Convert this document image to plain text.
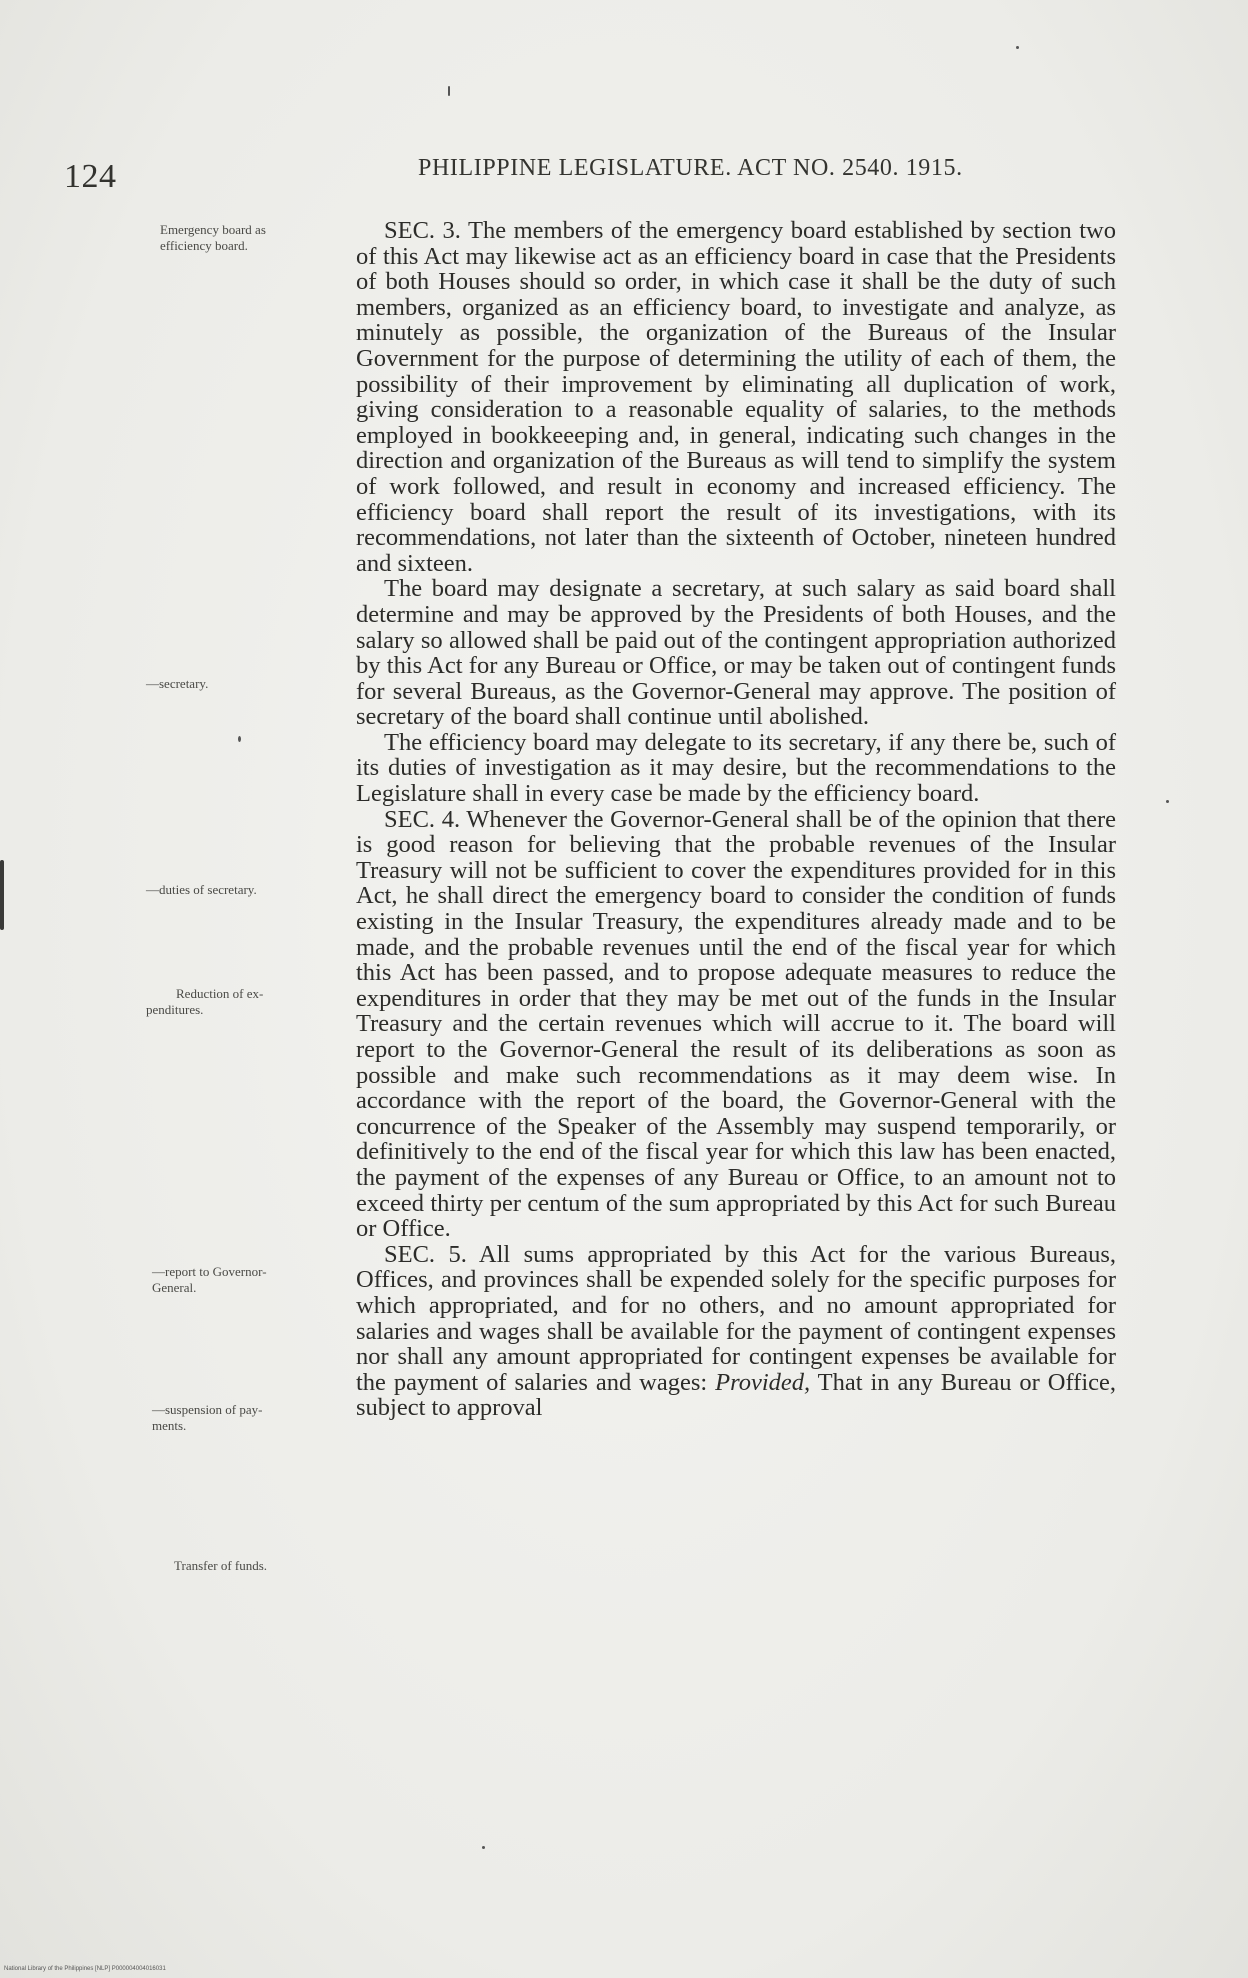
124	PHILIPPINE LEGISLATURE. ACT NO. 2540. 1915.
Emergency board as
efficiency board.
—secretary.
—duties of secretary.
Reduction of ex-
penditures.
—report to Governor-
General.
—suspension of pay-
ments.
Transfer of funds.

SEC. 3. The members of the emergency board established by section two of this Act may likewise act as an efficiency board in case that the Presidents of both Houses should so order, in which case it shall be the duty of such members, organized as an efficiency board, to investigate and analyze, as minutely as possible, the organization of the Bureaus of the Insular Government for the purpose of determining the utility of each of them, the possibility of their improvement by eliminating all duplication of work, giving consideration to a reasonable equality of salaries, to the methods employed in bookkeeeping and, in general, indicating such changes in the direction and organization of the Bureaus as will tend to simplify the system of work followed, and result in economy and increased efficiency. The efficiency board shall report the result of its investigations, with its recommendations, not later than the sixteenth of October, nineteen hundred and sixteen.

The board may designate a secretary, at such salary as said board shall determine and may be approved by the Presidents of both Houses, and the salary so allowed shall be paid out of the contingent appropriation authorized by this Act for any Bureau or Office, or may be taken out of contingent funds for several Bureaus, as the Governor-General may approve. The position of secretary of the board shall continue until abolished.

The efficiency board may delegate to its secretary, if any there be, such of its duties of investigation as it may desire, but the recommendations to the Legislature shall in every case be made by the efficiency board.

SEC. 4. Whenever the Governor-General shall be of the opinion that there is good reason for believing that the probable revenues of the Insular Treasury will not be sufficient to cover the expenditures provided for in this Act, he shall direct the emergency board to consider the condition of funds existing in the Insular Treasury, the expenditures already made and to be made, and the probable revenues until the end of the fiscal year for which this Act has been passed, and to propose adequate measures to reduce the expenditures in order that they may be met out of the funds in the Insular Treasury and the certain revenues which will accrue to it. The board will report to the Governor-General the result of its deliberations as soon as possible and make such recommendations as it may deem wise. In accordance with the report of the board, the Governor-General with the concurrence of the Speaker of the Assembly may suspend temporarily, or definitively to the end of the fiscal year for which this law has been enacted, the payment of the expenses of any Bureau or Office, to an amount not to exceed thirty per centum of the sum appropriated by this Act for such Bureau or Office.

SEC. 5. All sums appropriated by this Act for the various Bureaus, Offices, and provinces shall be expended solely for the specific purposes for which appropriated, and for no others, and no amount appropriated for salaries and wages shall be available for the payment of contingent expenses nor shall any amount appropriated for contingent expenses be available for the payment of salaries and wages: Provided, That in any Bureau or Office, subject to approval

National Library of the Philippines [NLP] P000004004016031
